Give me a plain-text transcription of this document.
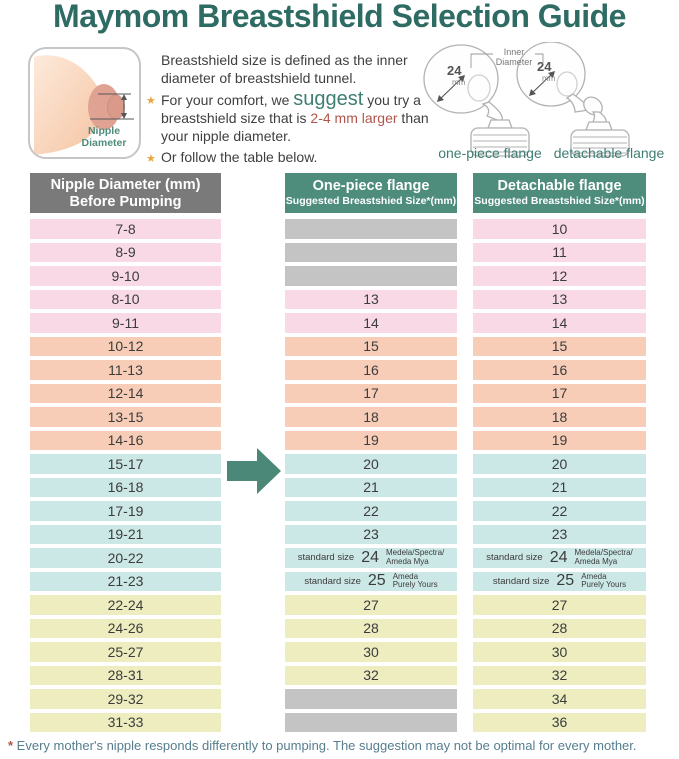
Maymom Breastshield Selection Guide
Nipple
Diameter

Breastshield size is defined as the inner diameter of breastshield tunnel.

★ For your comfort, we suggest you try a breastshield size that is 2-4 mm larger than your nipple diameter.

★ Or follow the table below.

24
mm
24
mm
Inner
Diameter
one-piece flange detachable flange
Nipple Diameter (mm)
Before Pumping
One-piece flange
Suggested Breastshied Size*(mm)
Detachable flange
Suggested Breastshied Size*(mm)
7-8
8-9
9-10
8-10
9-11
10-12
11-13
12-14
13-15
14-16
15-17
16-18
17-19
19-21
20-22
21-23
22-24
24-26
25-27
28-31
29-32
31-33
13
14
15
16
17
18
19
20
21
22
23
standard size 24 Medela/Spectra/
Ameda Mya
standard size 25 Ameda
Purely Yours
27
28
30
32
10
11
12
13
14
15
16
17
18
19
20
21
22
23
standard size 24 Medela/Spectra/
Ameda Mya
standard size 25 Ameda
Purely Yours
27
28
30
32
34
36
* Every mother's nipple responds differently to pumping. The suggestion may not be optimal for every mother.
